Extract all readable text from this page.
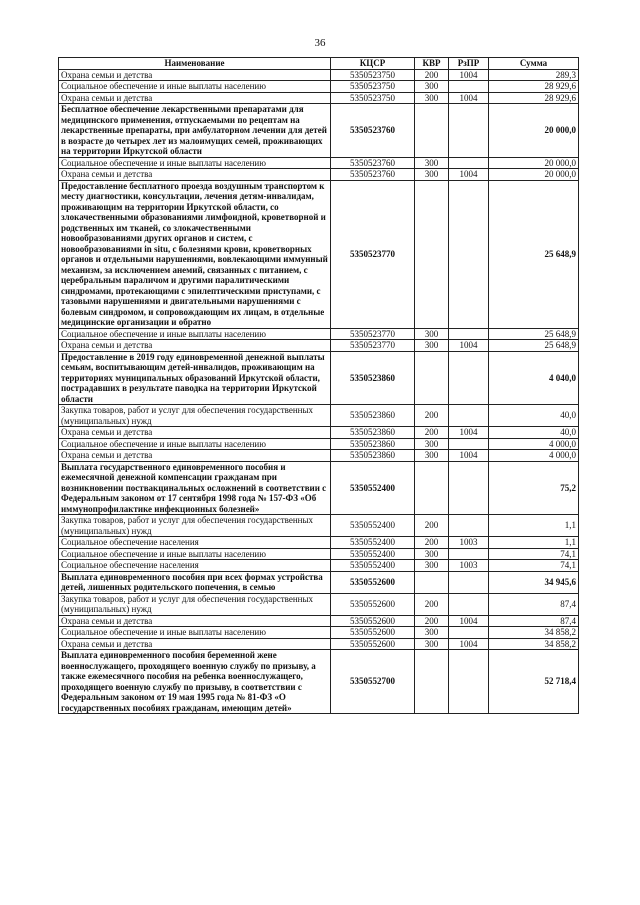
36
Наименование	КЦСР	КВР	РзПР	Сумма
Охрана семьи и детства	5350523750	200	1004	289,3
Социальное обеспечение и иные выплаты населению	5350523750	300		28 929,6
Охрана семьи и детства	5350523750	300	1004	28 929,6
Бесплатное обеспечение лекарственными препаратами для медицинского применения, отпускаемыми по рецептам на лекарственные препараты, при амбулаторном лечении для детей в возрасте до четырех лет из малоимущих семей, проживающих на территории Иркутской области	5350523760			20 000,0
Социальное обеспечение и иные выплаты населению	5350523760	300		20 000,0
Охрана семьи и детства	5350523760	300	1004	20 000,0
Предоставление бесплатного проезда воздушным транспортом к месту диагностики, консультации, лечения детям-инвалидам, проживающим на территории Иркутской области, со злокачественными образованиями лимфоидной, кроветворной и родственных им тканей, со злокачественными новообразованиями других органов и систем, с новообразованиями in situ, с болезнями крови, кроветворных органов и отдельными нарушениями, вовлекающими иммунный механизм, за исключением анемий, связанных с питанием, с церебральным параличом и другими паралитическими синдромами, протекающими с эпилептическими приступами, с тазовыми нарушениями и двигательными нарушениями с болевым синдромом, и сопровождающим их лицам, в отдельные медицинские организации и обратно	5350523770			25 648,9
Социальное обеспечение и иные выплаты населению	5350523770	300		25 648,9
Охрана семьи и детства	5350523770	300	1004	25 648,9
Предоставление в 2019 году единовременной денежной выплаты семьям, воспитывающим детей-инвалидов, проживающим на территориях муниципальных образований Иркутской области, пострадавших в результате паводка на территории Иркутской области	5350523860			4 040,0
Закупка товаров, работ и услуг для обеспечения государственных (муниципальных) нужд	5350523860	200		40,0
Охрана семьи и детства	5350523860	200	1004	40,0
Социальное обеспечение и иные выплаты населению	5350523860	300		4 000,0
Охрана семьи и детства	5350523860	300	1004	4 000,0
Выплата государственного единовременного пособия и ежемесячной денежной компенсации гражданам при возникновении поствакцинальных осложнений в соответствии с Федеральным законом от 17 сентября 1998 года № 157-ФЗ «Об иммунопрофилактике инфекционных болезней»	5350552400			75,2
Закупка товаров, работ и услуг для обеспечения государственных (муниципальных) нужд	5350552400	200		1,1
Социальное обеспечение населения	5350552400	200	1003	1,1
Социальное обеспечение и иные выплаты населению	5350552400	300		74,1
Социальное обеспечение населения	5350552400	300	1003	74,1
Выплата единовременного пособия при всех формах устройства детей, лишенных родительского попечения, в семью	5350552600			34 945,6
Закупка товаров, работ и услуг для обеспечения государственных (муниципальных) нужд	5350552600	200		87,4
Охрана семьи и детства	5350552600	200	1004	87,4
Социальное обеспечение и иные выплаты населению	5350552600	300		34 858,2
Охрана семьи и детства	5350552600	300	1004	34 858,2
Выплата единовременного пособия беременной жене военнослужащего, проходящего военную службу по призыву, а также ежемесячного пособия на ребенка военнослужащего, проходящего военную службу по призыву, в соответствии с Федеральным законом от 19 мая 1995 года № 81-ФЗ «О государственных пособиях гражданам, имеющим детей»	5350552700			52 718,4
